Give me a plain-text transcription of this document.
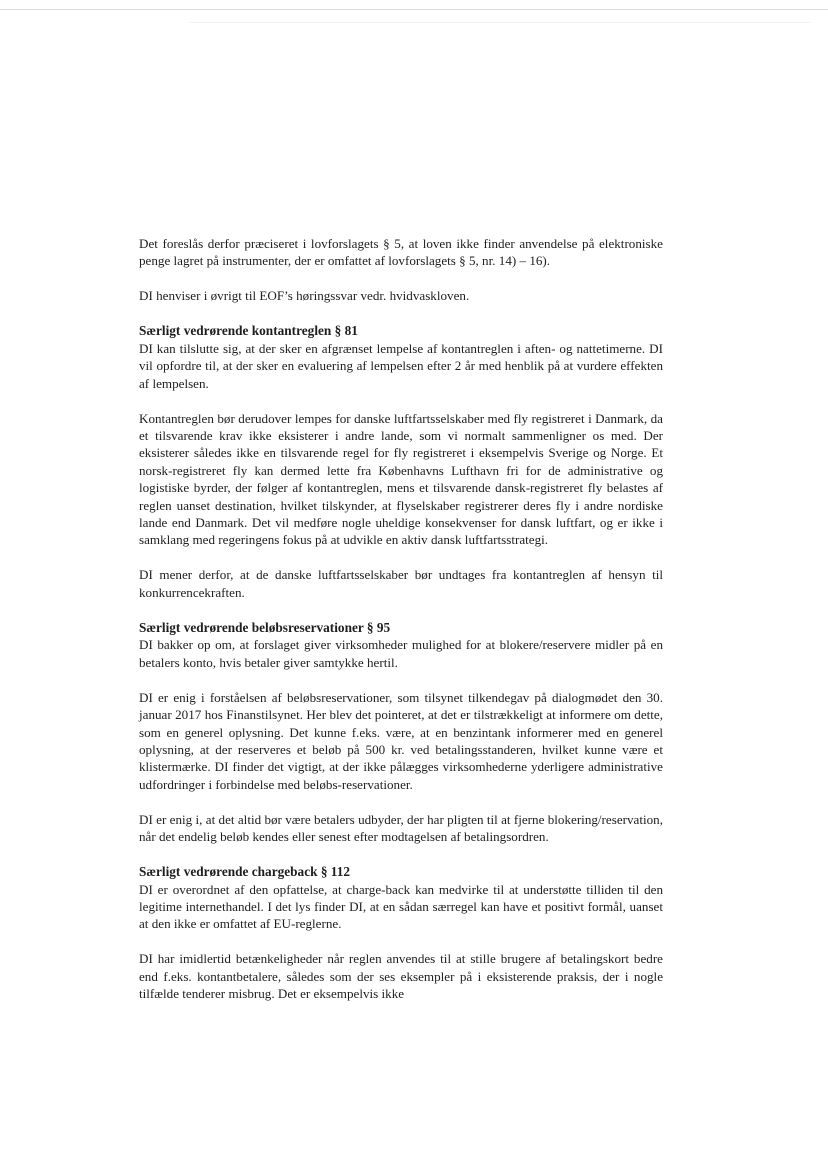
Det foreslås derfor præciseret i lovforslagets § 5, at loven ikke finder anvendelse på elektroniske penge lagret på instrumenter, der er omfattet af lovforslagets § 5, nr. 14) – 16).

DI henviser i øvrigt til EOF’s høringssvar vedr. hvidvaskloven.

Særligt vedrørende kontantreglen § 81

DI kan tilslutte sig, at der sker en afgrænset lempelse af kontantreglen i aften- og nattetimerne. DI vil opfordre til, at der sker en evaluering af lempelsen efter 2 år med henblik på at vurdere effekten af lempelsen.

Kontantreglen bør derudover lempes for danske luftfartsselskaber med fly registreret i Danmark, da et tilsvarende krav ikke eksisterer i andre lande, som vi normalt sammenligner os med. Der eksisterer således ikke en tilsvarende regel for fly registreret i eksempelvis Sverige og Norge. Et norsk-registreret fly kan dermed lette fra Københavns Lufthavn fri for de administrative og logistiske byrder, der følger af kontantreglen, mens et tilsvarende dansk-registreret fly belastes af reglen uanset destination, hvilket tilskynder, at flyselskaber registrerer deres fly i andre nordiske lande end Danmark. Det vil medføre nogle uheldige konsekvenser for dansk luftfart, og er ikke i samklang med regeringens fokus på at udvikle en aktiv dansk luftfartsstrategi.

DI mener derfor, at de danske luftfartsselskaber bør undtages fra kontantreglen af hensyn til konkurrencekraften.

Særligt vedrørende beløbsreservationer § 95

DI bakker op om, at forslaget giver virksomheder mulighed for at blokere/reservere midler på en betalers konto, hvis betaler giver samtykke hertil.

DI er enig i forståelsen af beløbsreservationer, som tilsynet tilkendegav på dialogmødet den 30. januar 2017 hos Finanstilsynet. Her blev det pointeret, at det er tilstrækkeligt at informere om dette, som en generel oplysning. Det kunne f.eks. være, at en benzintank informerer med en generel oplysning, at der reserveres et beløb på 500 kr. ved betalingsstanderen, hvilket kunne være et klistermærke. DI finder det vigtigt, at der ikke pålægges virksomhederne yderligere administrative udfordringer i forbindelse med beløbs-reservationer.

DI er enig i, at det altid bør være betalers udbyder, der har pligten til at fjerne blokering/reservation, når det endelig beløb kendes eller senest efter modtagelsen af betalingsordren.

Særligt vedrørende chargeback § 112

DI er overordnet af den opfattelse, at charge-back kan medvirke til at understøtte tilliden til den legitime internethandel. I det lys finder DI, at en sådan særregel kan have et positivt formål, uanset at den ikke er omfattet af EU-reglerne.

DI har imidlertid betænkeligheder når reglen anvendes til at stille brugere af betalingskort bedre end f.eks. kontantbetalere, således som der ses eksempler på i eksisterende praksis, der i nogle tilfælde tenderer misbrug. Det er eksempelvis ikke
